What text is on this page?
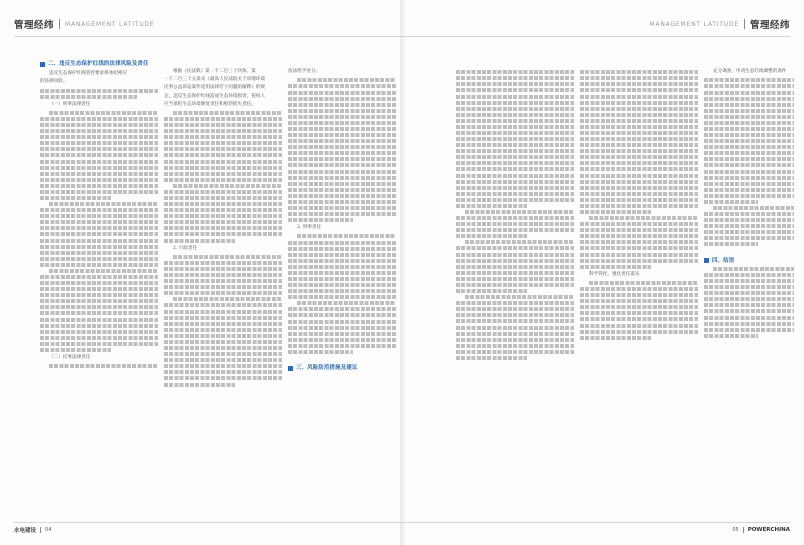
管理经纬 MANAGEMENT LATITUDE
二、违反生态保护红线的法律风险及责任
违反生态保护红线管控要求将承担相应
的法律风险。
（一）刑事法律责任
（二）民事法律责任
根据《民法典》第一千二百三十四条、第
一千二百三十五条及《最高人民法院关于审理环境
民事公益诉讼案件适用法律若干问题的解释》的规
定，违反生态保护红线造成生态环境损害，侵权人
应当承担生态环境修复责任和赔偿损失责任。
2. 行政责任
依法给予处分。
2. 刑事责任
三、风险防范措施及建议
水电建设 04
MANAGEMENT LATITUDE 管理经纬
科学管控，强化责任落实
充分调查，申请生态红线调整的条件
四、结语
05 POWERCHINA
